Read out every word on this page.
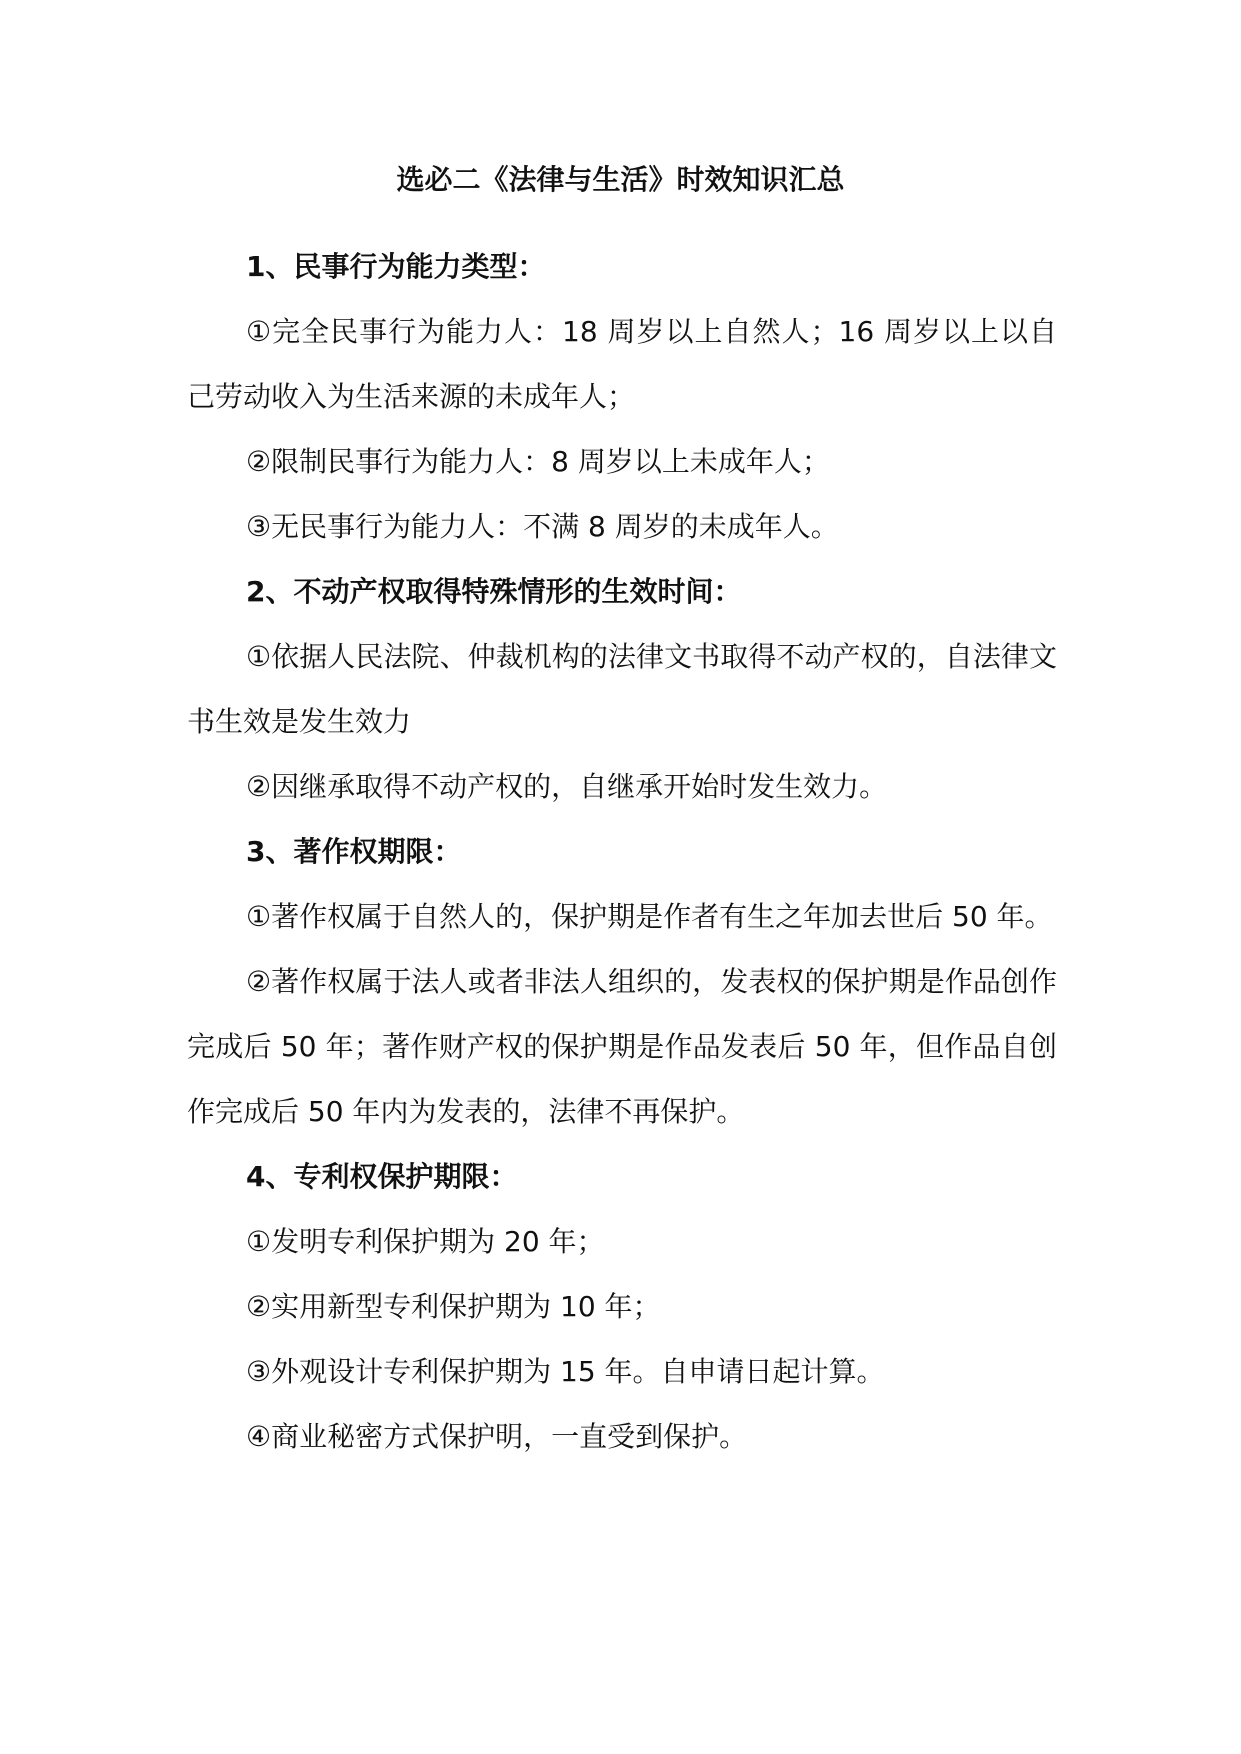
选必二《法律与生活》时效知识汇总

1、民事行为能力类型：

①完全民事行为能力人：18 周岁以上自然人；16 周岁以上以自己劳动收入为生活来源的未成年人；

②限制民事行为能力人：8 周岁以上未成年人；

③无民事行为能力人：不满 8 周岁的未成年人。

2、不动产权取得特殊情形的生效时间：

①依据人民法院、仲裁机构的法律文书取得不动产权的，自法律文书生效是发生效力

②因继承取得不动产权的，自继承开始时发生效力。

3、著作权期限：

①著作权属于自然人的，保护期是作者有生之年加去世后 50 年。

②著作权属于法人或者非法人组织的，发表权的保护期是作品创作完成后 50 年；著作财产权的保护期是作品发表后 50 年，但作品自创作完成后 50 年内为发表的，法律不再保护。

4、专利权保护期限：

①发明专利保护期为 20 年；

②实用新型专利保护期为 10 年；

③外观设计专利保护期为 15 年。自申请日起计算。

④商业秘密方式保护明，一直受到保护。
